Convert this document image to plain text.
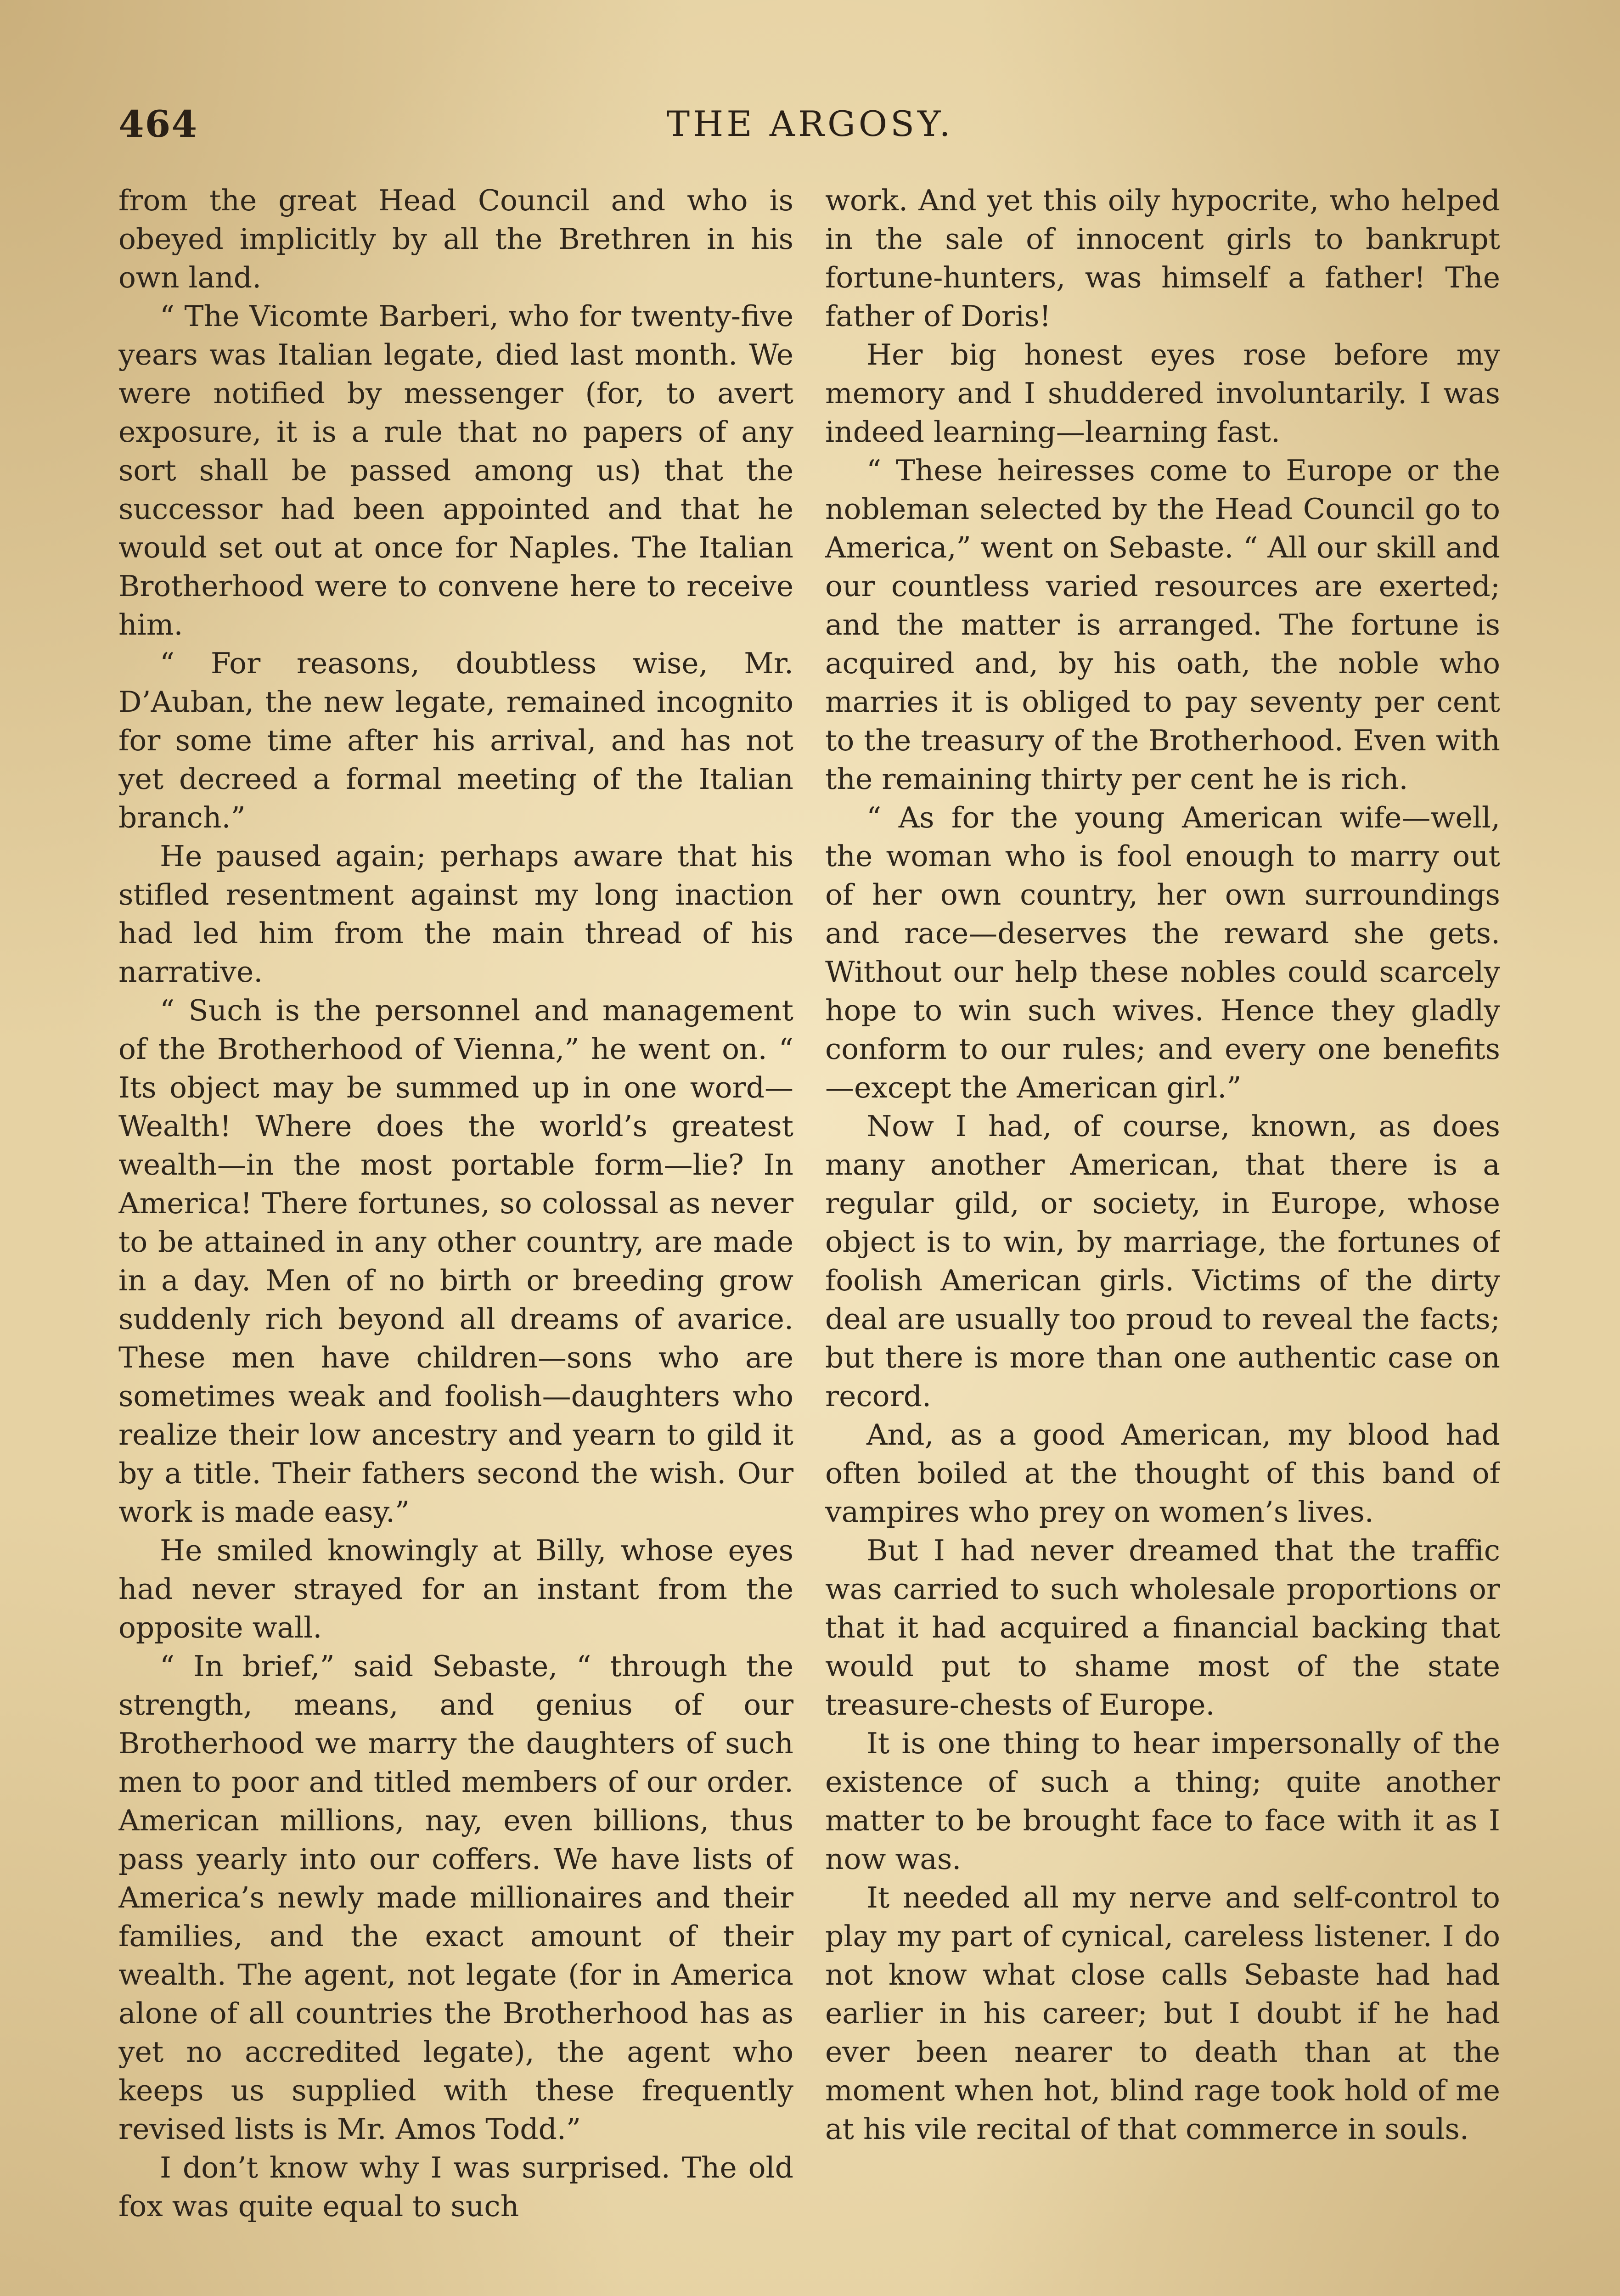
464	THE ARGOSY.

from the great Head Council and who is obeyed implicitly by all the Brethren in his own land.

“ The Vicomte Barberi, who for twenty-five years was Italian legate, died last month. We were notified by messenger (for, to avert exposure, it is a rule that no papers of any sort shall be passed among us) that the successor had been appointed and that he would set out at once for Naples. The Italian Brotherhood were to convene here to receive him.

“ For reasons, doubtless wise, Mr. D’Auban, the new legate, remained incognito for some time after his arrival, and has not yet decreed a formal meeting of the Italian branch.”

He paused again; perhaps aware that his stifled resentment against my long inaction had led him from the main thread of his narrative.

“ Such is the personnel and management of the Brotherhood of Vienna,” he went on. “ Its object may be summed up in one word—Wealth! Where does the world’s greatest wealth—in the most portable form—lie? In America! There fortunes, so colossal as never to be attained in any other country, are made in a day. Men of no birth or breeding grow suddenly rich beyond all dreams of avarice. These men have children—sons who are sometimes weak and foolish—daughters who realize their low ancestry and yearn to gild it by a title. Their fathers second the wish. Our work is made easy.”

He smiled knowingly at Billy, whose eyes had never strayed for an instant from the opposite wall.

“ In brief,” said Sebaste, “ through the strength, means, and genius of our Brotherhood we marry the daughters of such men to poor and titled members of our order. American millions, nay, even billions, thus pass yearly into our coffers. We have lists of America’s newly made millionaires and their families, and the exact amount of their wealth. The agent, not legate (for in America alone of all countries the Brotherhood has as yet no accredited legate), the agent who keeps us supplied with these frequently revised lists is Mr. Amos Todd.”

I don’t know why I was surprised. The old fox was quite equal to such

work. And yet this oily hypocrite, who helped in the sale of innocent girls to bankrupt fortune-hunters, was himself a father! The father of Doris!

Her big honest eyes rose before my memory and I shuddered involuntarily. I was indeed learning—learning fast.

“ These heiresses come to Europe or the nobleman selected by the Head Council go to America,” went on Sebaste. “ All our skill and our countless varied resources are exerted; and the matter is arranged. The fortune is acquired and, by his oath, the noble who marries it is obliged to pay seventy per cent to the treasury of the Brotherhood. Even with the remaining thirty per cent he is rich.

“ As for the young American wife—well, the woman who is fool enough to marry out of her own country, her own surroundings and race—deserves the reward she gets. Without our help these nobles could scarcely hope to win such wives. Hence they gladly conform to our rules; and every one benefits—except the American girl.”

Now I had, of course, known, as does many another American, that there is a regular gild, or society, in Europe, whose object is to win, by marriage, the fortunes of foolish American girls. Victims of the dirty deal are usually too proud to reveal the facts; but there is more than one authentic case on record.

And, as a good American, my blood had often boiled at the thought of this band of vampires who prey on women’s lives.

But I had never dreamed that the traffic was carried to such wholesale proportions or that it had acquired a financial backing that would put to shame most of the state treasure-chests of Europe.

It is one thing to hear impersonally of the existence of such a thing; quite another matter to be brought face to face with it as I now was.

It needed all my nerve and self-control to play my part of cynical, careless listener. I do not know what close calls Sebaste had had earlier in his career; but I doubt if he had ever been nearer to death than at the moment when hot, blind rage took hold of me at his vile recital of that commerce in souls.
